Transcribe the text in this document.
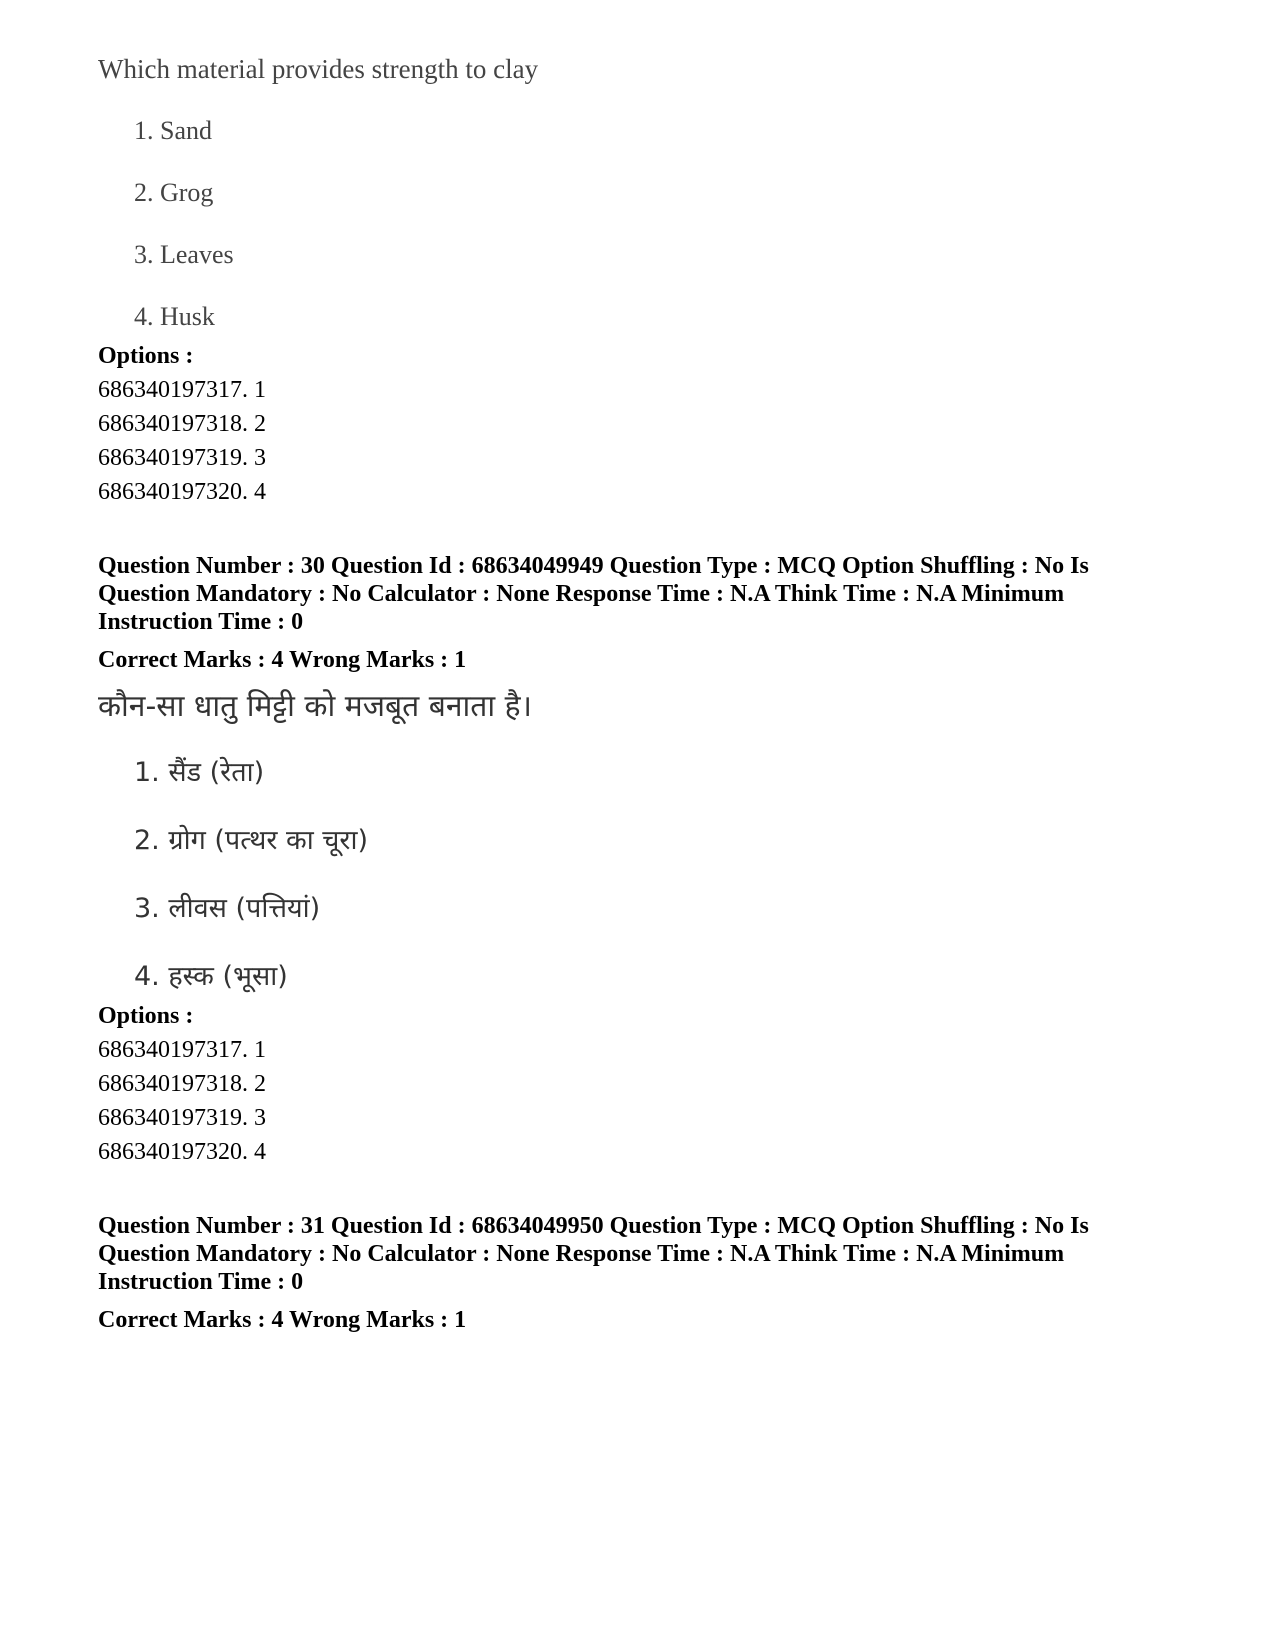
Which material provides strength to clay
1. Sand
2. Grog
3. Leaves
4. Husk
Options :
686340197317. 1
686340197318. 2
686340197319. 3
686340197320. 4
Question Number : 30 Question Id : 68634049949 Question Type : MCQ Option Shuffling : No Is
Question Mandatory : No Calculator : None Response Time : N.A Think Time : N.A Minimum
Instruction Time : 0
Correct Marks : 4 Wrong Marks : 1
कौन-सा धातु मिट्टी को मजबूत बनाता है।
1. सैंड (रेता)
2. ग्रोग (पत्थर का चूरा)
3. लीवस (पत्तियां)
4. हस्क (भूसा)
Options :
686340197317. 1
686340197318. 2
686340197319. 3
686340197320. 4
Question Number : 31 Question Id : 68634049950 Question Type : MCQ Option Shuffling : No Is
Question Mandatory : No Calculator : None Response Time : N.A Think Time : N.A Minimum
Instruction Time : 0
Correct Marks : 4 Wrong Marks : 1
